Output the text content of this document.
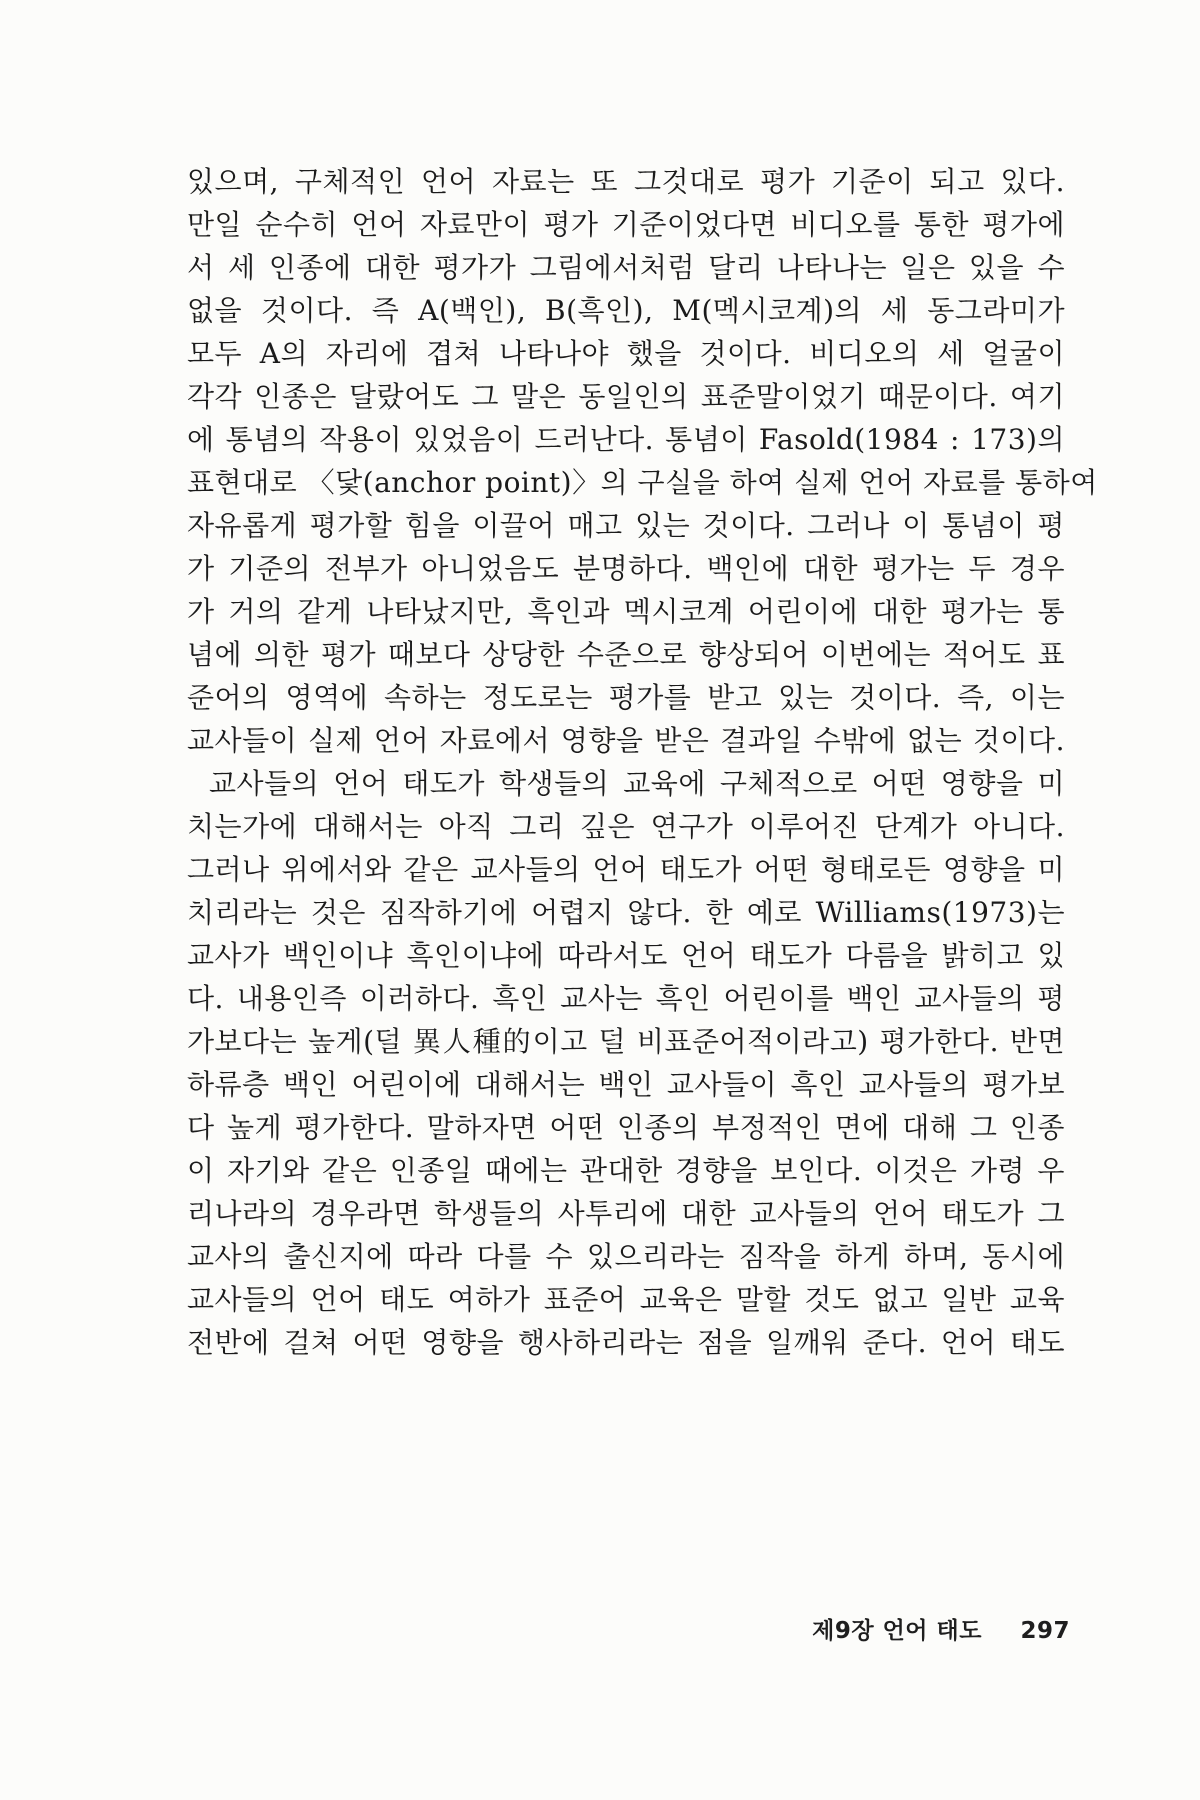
있으며, 구체적인 언어 자료는 또 그것대로 평가 기준이 되고 있다.
만일 순수히 언어 자료만이 평가 기준이었다면 비디오를 통한 평가에
서 세 인종에 대한 평가가 그림에서처럼 달리 나타나는 일은 있을 수
없을 것이다. 즉 A(백인), B(흑인), M(멕시코계)의 세 동그라미가
모두 A의 자리에 겹쳐 나타나야 했을 것이다. 비디오의 세 얼굴이
각각 인종은 달랐어도 그 말은 동일인의 표준말이었기 때문이다. 여기
에 통념의 작용이 있었음이 드러난다. 통념이 Fasold(1984 : 173)의
표현대로 〈닻(anchor point)〉의 구실을 하여 실제 언어 자료를 통하여
자유롭게 평가할 힘을 이끌어 매고 있는 것이다. 그러나 이 통념이 평
가 기준의 전부가 아니었음도 분명하다. 백인에 대한 평가는 두 경우
가 거의 같게 나타났지만, 흑인과 멕시코계 어린이에 대한 평가는 통
념에 의한 평가 때보다 상당한 수준으로 향상되어 이번에는 적어도 표
준어의 영역에 속하는 정도로는 평가를 받고 있는 것이다. 즉, 이는
교사들이 실제 언어 자료에서 영향을 받은 결과일 수밖에 없는 것이다.
교사들의 언어 태도가 학생들의 교육에 구체적으로 어떤 영향을 미
치는가에 대해서는 아직 그리 깊은 연구가 이루어진 단계가 아니다.
그러나 위에서와 같은 교사들의 언어 태도가 어떤 형태로든 영향을 미
치리라는 것은 짐작하기에 어렵지 않다. 한 예로 Williams(1973)는
교사가 백인이냐 흑인이냐에 따라서도 언어 태도가 다름을 밝히고 있
다. 내용인즉 이러하다. 흑인 교사는 흑인 어린이를 백인 교사들의 평
가보다는 높게(덜 異人種的이고 덜 비표준어적이라고) 평가한다. 반면
하류층 백인 어린이에 대해서는 백인 교사들이 흑인 교사들의 평가보
다 높게 평가한다. 말하자면 어떤 인종의 부정적인 면에 대해 그 인종
이 자기와 같은 인종일 때에는 관대한 경향을 보인다. 이것은 가령 우
리나라의 경우라면 학생들의 사투리에 대한 교사들의 언어 태도가 그
교사의 출신지에 따라 다를 수 있으리라는 짐작을 하게 하며, 동시에
교사들의 언어 태도 여하가 표준어 교육은 말할 것도 없고 일반 교육
전반에 걸쳐 어떤 영향을 행사하리라는 점을 일깨워 준다. 언어 태도
제9장 언어 태도 297
